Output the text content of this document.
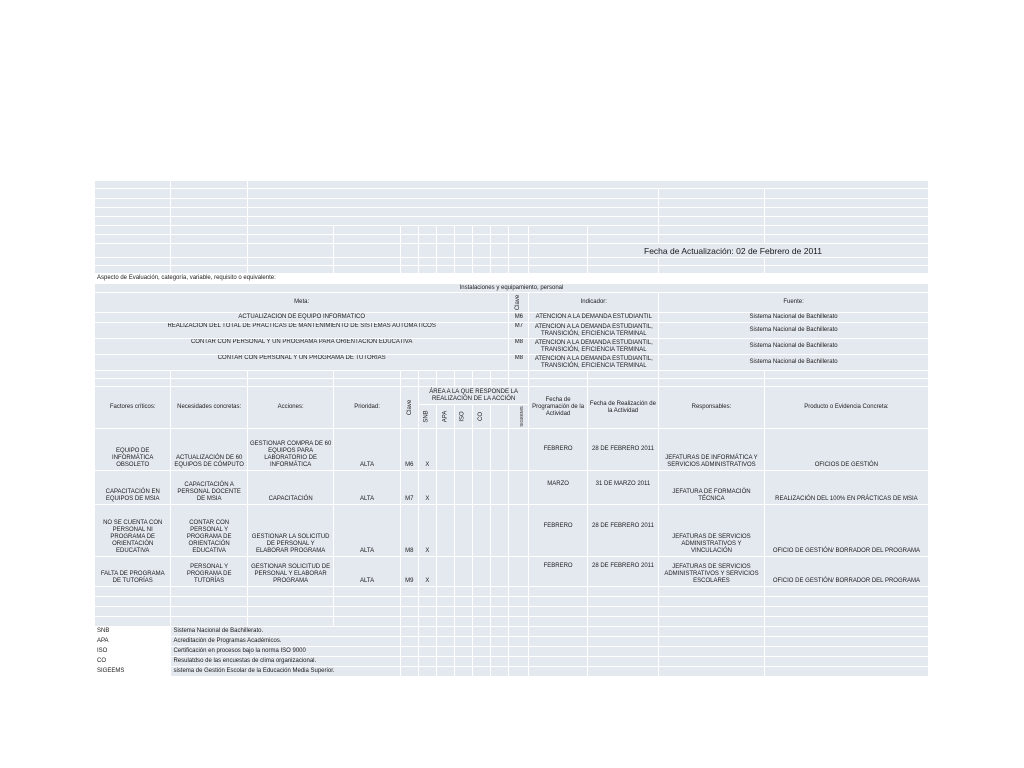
												Fecha de Actualización: 02 de Febrero de 2011		

Aspecto de Evaluación, categoría, variable, requisito o equivalente:														
Instalaciones y equipamiento, personal														
Meta:										Clave	Indicador:		Fuente:	
ACTUALIZACIÓN DE EQUIPO INFORMÁTICO										M6	ATENCIÓN A LA DEMANDA ESTUDIANTIL		Sistema Nacional de Bachillerato	
REALIZACIÓN DEL TOTAL DE PRÁCTICAS DE MANTENIMIENTO DE SISTEMAS AUTOMÁTICOS										M7	ATENCIÓN A LA DEMANDA ESTUDIANTIL, TRANSICIÓN, EFICIENCIA TERMINAL		Sistema Nacional de Bachillerato	
CONTAR CON PERSONAL Y UN PROGRAMA PARA ORIENTACIÓN EDUCATIVA										M8	ATENCIÓN A LA DEMANDA ESTUDIANTIL, TRANSICIÓN, EFICIENCIA TERMINAL		Sistema Nacional de Bachillerato	
CONTAR CON PERSONAL Y UN PROGRAMA DE TUTORÍAS										M8	ATENCIÓN A LA DEMANDA ESTUDIANTIL, TRANSICIÓN, EFICIENCIA TERMINAL		Sistema Nacional de Bachillerato	

Factores críticos:	Necesidades concretas:	Acciones:	Prioridad:	Clave	ÁREA A LA QUE RESPONDE LA REALIZACIÓN DE LA ACCIÓN						Fecha de Programación de la Actividad	Fecha de Realización de la Actividad	Responsables:	Producto o Evidencia Concreta:
					SNB	APA	ISO	CO		SIGEEMS				
EQUIPO DE INFORMÁTICA OBSOLETO	ACTUALIZACIÓN DE 60 EQUIPOS DE CÓMPUTO	GESTIONAR COMPRA DE 60 EQUIPOS PARA LABORATORIO DE INFORMÁTICA	ALTA	M6	X						FEBRERO	28 DE FEBRERO 2011	JEFATURAS DE INFORMÁTICA Y SERVICIOS ADMINISTRATIVOS	OFICIOS DE GESTIÓN
CAPACITACIÓN EN EQUIPOS DE MSIA	CAPACITACIÓN A PERSONAL DOCENTE DE MSIA	CAPACITACIÓN	ALTA	M7	X						MARZO	31 DE MARZO 2011	JEFATURA DE FORMACIÓN TÉCNICA	REALIZACIÓN DEL 100% EN PRÁCTICAS DE MSIA
NO SE CUENTA CON PERSONAL NI PROGRAMA DE ORIENTACIÓN EDUCATIVA	CONTAR CON PERSONAL Y PROGRAMA DE ORIENTACIÓN EDUCATIVA	GESTIONAR LA SOLICITUD DE PERSONAL Y ELABORAR PROGRAMA	ALTA	M8	X						FEBRERO	28 DE FEBRERO 2011	JEFATURAS DE SERVICIOS ADMINISTRATIVOS Y VINCULACIÓN	OFICIO DE GESTIÓN/ BORRADOR DEL PROGRAMA
FALTA DE PROGRAMA DE TUTORÍAS	PERSONAL Y PROGRAMA DE TUTORÍAS	GESTIONAR SOLICITUD DE PERSONAL Y ELABORAR PROGRAMA	ALTA	M9	X						FEBRERO	28 DE FEBRERO 2011	JEFATURAS DE SERVICIOS ADMINISTRATIVOS Y SERVICIOS ESCOLARES	OFICIO DE GESTIÓN/ BORRADOR DEL PROGRAMA

SNB	Sistema Nacional de Bachillerato.													
APA	Acreditación de Programas Académicos.													
ISO	Certificación en procesos bajo la norma ISO 9000													
CO	Resulatdso de las encuestas de clima organizacional.													
SIGEEMS	sistema de Gestión Escolar de la Educación Media Superior.													
